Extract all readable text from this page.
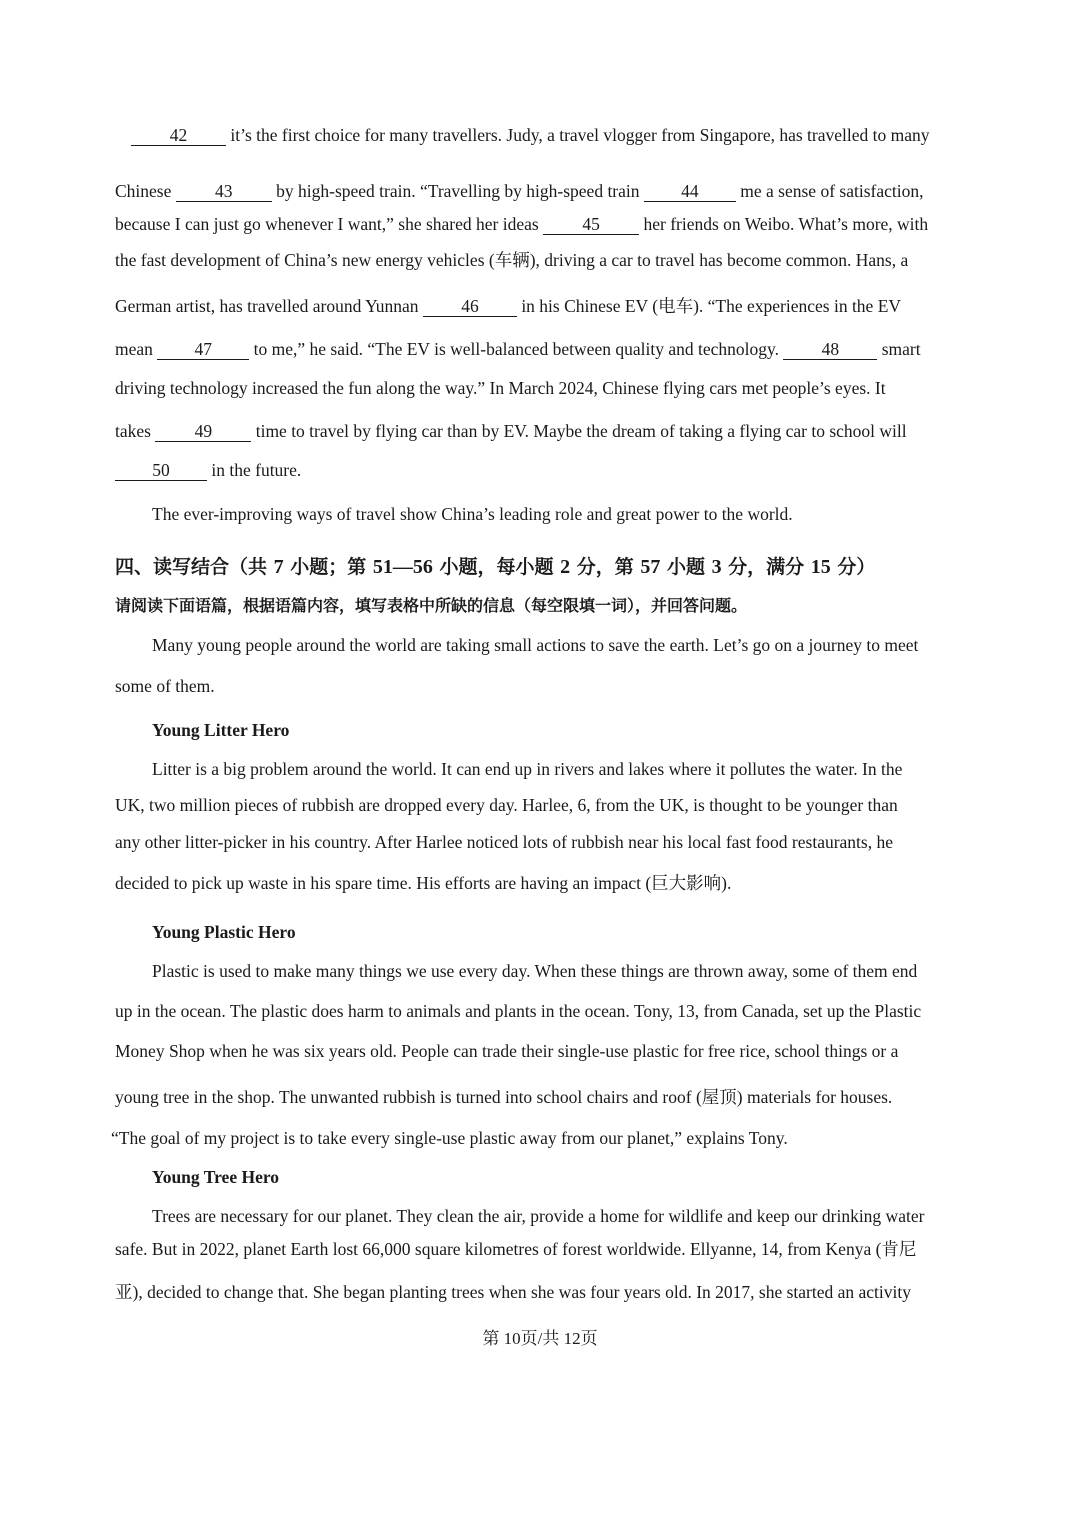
42 it’s the first choice for many travellers. Judy, a travel vlogger from Singapore, has travelled to many
Chinese 43 by high-speed train. “Travelling by high-speed train 44 me a sense of satisfaction,
because I can just go whenever I want,” she shared her ideas 45 her friends on Weibo. What’s more, with
the fast development of China’s new energy vehicles (车辆), driving a car to travel has become common. Hans, a
German artist, has travelled around Yunnan 46 in his Chinese EV (电车). “The experiences in the EV
mean 47 to me,” he said. “The EV is well-balanced between quality and technology. 48 smart
driving technology increased the fun along the way.” In March 2024, Chinese flying cars met people’s eyes. It
takes 49 time to travel by flying car than by EV. Maybe the dream of taking a flying car to school will
50 in the future.
The ever-improving ways of travel show China’s leading role and great power to the world.
四、读写结合（共 7 小题；第 51—56 小题，每小题 2 分，第 57 小题 3 分，满分 15 分）
请阅读下面语篇，根据语篇内容，填写表格中所缺的信息（每空限填一词），并回答问题。
Many young people around the world are taking small actions to save the earth. Let’s go on a journey to meet
some of them.
Young Litter Hero
Litter is a big problem around the world. It can end up in rivers and lakes where it pollutes the water. In the
UK, two million pieces of rubbish are dropped every day. Harlee, 6, from the UK, is thought to be younger than
any other litter-picker in his country. After Harlee noticed lots of rubbish near his local fast food restaurants, he
decided to pick up waste in his spare time. His efforts are having an impact (巨大影响).
Young Plastic Hero
Plastic is used to make many things we use every day. When these things are thrown away, some of them end
up in the ocean. The plastic does harm to animals and plants in the ocean. Tony, 13, from Canada, set up the Plastic
Money Shop when he was six years old. People can trade their single-use plastic for free rice, school things or a
young tree in the shop. The unwanted rubbish is turned into school chairs and roof (屋顶) materials for houses.
“The goal of my project is to take every single-use plastic away from our planet,” explains Tony.
Young Tree Hero
Trees are necessary for our planet. They clean the air, provide a home for wildlife and keep our drinking water
safe. But in 2022, planet Earth lost 66,000 square kilometres of forest worldwide. Ellyanne, 14, from Kenya (肯尼
亚), decided to change that. She began planting trees when she was four years old. In 2017, she started an activity
第 10页/共 12页
